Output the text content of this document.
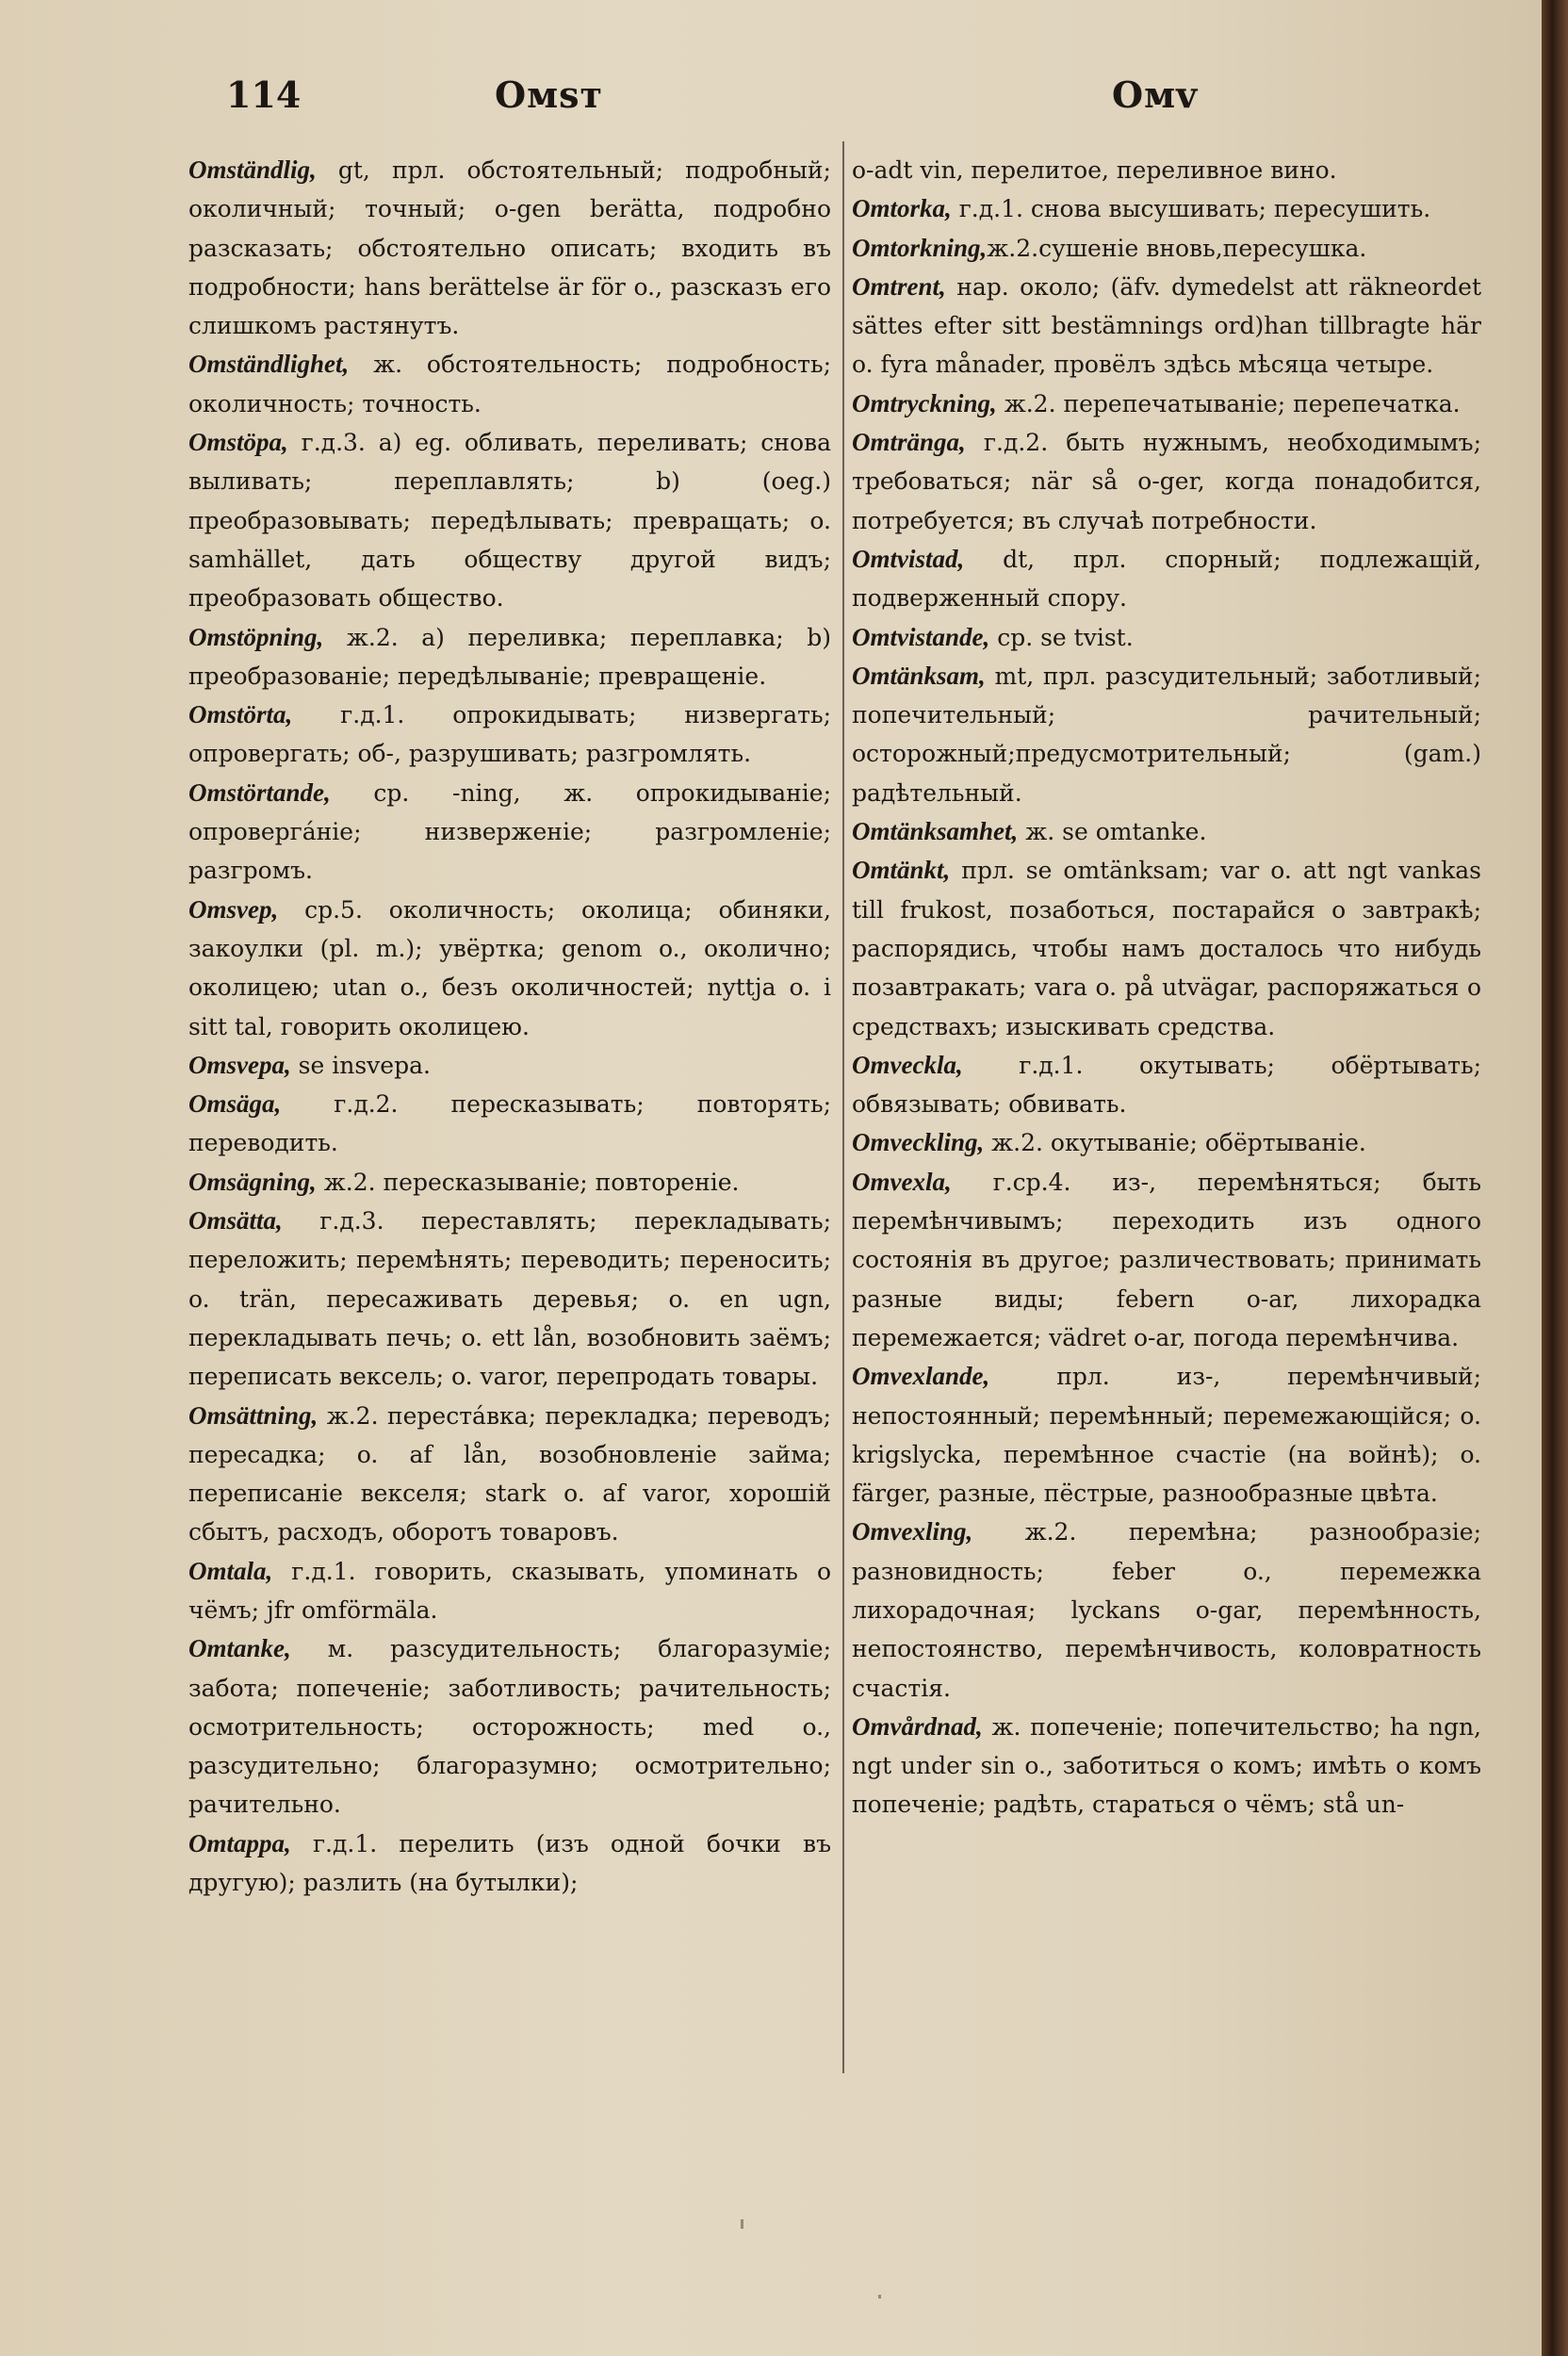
114	Омѕт	Омv

Omständlig, gt, прл. обстоятельный; подробный; околичный; точный; o-gen berätta, подробно разсказать; обстоятельно описать; входить въ подробности; hans berättelse är för o., разсказъ его слишкомъ растянутъ.

Omständlighet, ж. обстоятельность; подробность; околичность; точность.

Omstöpa, г.д.3. a) eg. обливать, переливать; снова выливать; переплавлять; b) (oeg.) преобразовывать; передѣлывать; превращать; o. samhället, дать обществу другой видъ; преобразовать общество.

Omstöpning, ж.2. a) переливка; переплавка; b) преобразованіе; передѣлываніе; превращеніе.

Omstörta, г.д.1. опрокидывать; низвергать; опровергать; об-, разрушивать; разгромлять.

Omstörtande, ср. -ning, ж. опрокидываніе; опровергáніе; низверженіе; разгромленіе; разгромъ.

Omsvep, ср.5. околичность; околица; обиняки, закоулки (pl. m.); увёртка; genom o., околично; околицею; utan o., безъ околичностей; nyttja o. i sitt tal, говорить околицею.

Omsvepa, se insvepa.

Omsäga, г.д.2. пересказывать; повторять; переводить.

Omsägning, ж.2. пересказываніе; повтореніе.

Omsätta, г.д.3. переставлять; перекладывать; переложить; перемѣнять; переводить; переносить; o. trän, пересаживать деревья; o. en ugn, перекладывать печь; o. ett lån, возобновить заёмъ; переписать вексель; o. varor, перепродать товары.

Omsättning, ж.2. перестáвка; перекладка; переводъ; пересадка; o. af lån, возобновленіе займа; переписаніе векселя; stark o. af varor, хорошій сбытъ, расходъ, оборотъ товаровъ.

Omtala, г.д.1. говорить, сказывать, упоминать о чёмъ; jfr omförmäla.

Omtanke, м. разсудительность; благоразуміе; забота; попеченіе; заботливость; рачительность; осмотрительность; осторожность; med o., разсудительно; благоразумно; осмотрительно; рачительно.

Omtappa, г.д.1. перелить (изъ одной бочки въ другую); разлить (на бутылки);

o-adt vin, перелитое, переливное вино.

Omtorka, г.д.1. снова высушивать; пересушить.

Omtorkning,ж.2.сушеніе вновь,пересушка.

Omtrent, нар. около; (äfv. dymedelst att räkneordet sättes efter sitt bestämnings ord)han tillbragte här o. fyra månader, провёлъ здѣсь мѣсяца четыре.

Omtryckning, ж.2. перепечатываніе; перепечатка.

Omtränga, г.д.2. быть нужнымъ, необходимымъ; требоваться; när så o-ger, когда понадобится, потребуется; въ случаѣ потребности.

Omtvistad, dt, прл. спорный; подлежащій, подверженный спору.

Omtvistande, ср. se tvist.

Omtänksam, mt, прл. разсудительный; заботливый; попечительный; рачительный; осторожный;предусмотрительный; (gam.) радѣтельный.

Omtänksamhet, ж. se omtanke.

Omtänkt, прл. se omtänksam; var o. att ngt vankas till frukost, позаботься, постарайся о завтракѣ; распорядись, чтобы намъ досталось что нибудь позавтракать; vara o. på utvägar, распоряжаться о средствахъ; изыскивать средства.

Omveckla, г.д.1. окутывать; обёртывать; обвязывать; обвивать.

Omveckling, ж.2. окутываніе; обёртываніе.

Omvexla, г.ср.4. из-, перемѣняться; быть перемѣнчивымъ; переходить изъ одного состоянія въ другое; различествовать; принимать разные виды; febern o-ar, лихорадка перемежается; vädret o-ar, погода перемѣнчива.

Omvexlande, прл. из-, перемѣнчивый; непостоянный; перемѣнный; перемежающійся; o. krigslycka, перемѣнное счастіе (на войнѣ); o. färger, разные, пёстрые, разнообразные цвѣта.

Omvexling, ж.2. перемѣна; разнообразіе; разновидность; feber o., перемежка лихорадочная; lyckans o-gar, перемѣнность, непостоянство, перемѣнчивость, коловратность счастія.

Omvårdnad, ж. попеченіе; попечительство; ha ngn, ngt under sin o., заботиться о комъ; имѣть о комъ попеченіе; радѣть, стараться о чёмъ; stå un-
